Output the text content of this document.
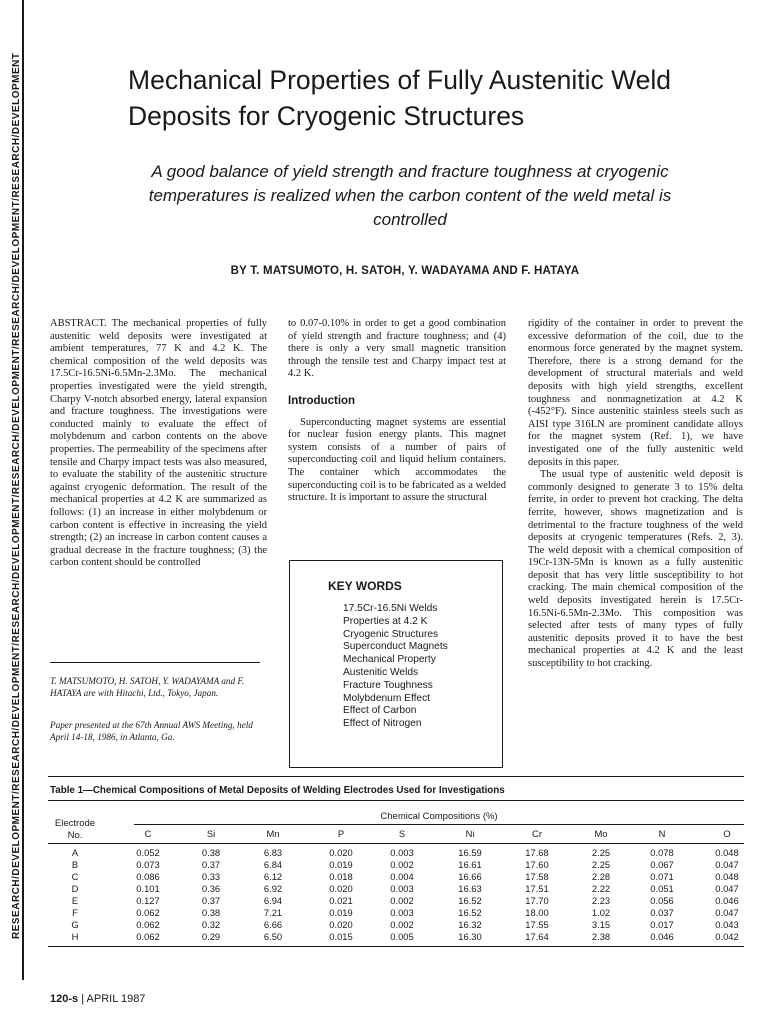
RESEARCH/DEVELOPMENT/RESEARCH/DEVELOPMENT/RESEARCH/DEVELOPMENT/RESEARCH/DEVELOPMENT/RESEARCH/DEVELOPMENT/RESEARCH/DEVELOPMENT	Mechanical Properties of Fully Austenitic Weld Deposits for Cryogenic Structures

A good balance of yield strength and fracture toughness at cryogenic temperatures is realized when the carbon content of the weld metal is controlled

BY T. MATSUMOTO, H. SATOH, Y. WADAYAMA AND F. HATAYA

ABSTRACT. The mechanical properties of fully austenitic weld deposits were investigated at ambient temperatures, 77 K and 4.2 K. The chemical composition of the weld deposits was 17.5Cr-16.5Ni-6.5Mn-2.3Mo. The mechanical properties investigated were the yield strength, Charpy V-notch absorbed energy, lateral expansion and fracture toughness. The investigations were conducted mainly to evaluate the effect of molybdenum and carbon contents on the above properties. The permeability of the specimens after tensile and Charpy impact tests was also measured, to evaluate the stability of the austenitic structure against cryogenic deformation. The result of the mechanical properties at 4.2 K are summarized as follows: (1) an increase in either molybdenum or carbon content is effective in increasing the yield strength; (2) an increase in carbon content causes a gradual decrease in the fracture toughness; (3) the carbon content should be controlled

T. MATSUMOTO, H. SATOH, Y. WADAYAMA and F. HATAYA are with Hitachi, Ltd., Tokyo, Japan.
Paper presented at the 67th Annual AWS Meeting, held April 14-18, 1986, in Atlanta, Ga.

to 0.07-0.10% in order to get a good combination of yield strength and fracture toughness; and (4) there is only a very small magnetic transition through the tensile test and Charpy impact test at 4.2 K.

Introduction

Superconducting magnet systems are essential for nuclear fusion energy plants. This magnet system consists of a number of pairs of superconducting coil and liquid helium containers. The container which accommodates the superconducting coil is to be fabricated as a welded structure. It is important to assure the structural

KEY WORDS
17.5Cr-16.5Ni Welds
Properties at 4.2 K
Cryogenic Structures
Superconduct Magnets
Mechanical Property
Austenitic Welds
Fracture Toughness
Molybdenum Effect
Effect of Carbon
Effect of Nitrogen

rigidity of the container in order to prevent the excessive deformation of the coil, due to the enormous force generated by the magnet system. Therefore, there is a strong demand for the development of structural materials and weld deposits with high yield strengths, excellent toughness and nonmagnetization at 4.2 K (-452°F). Since austenitic stainless steels such as AISI type 316LN are prominent candidate alloys for the magnet system (Ref. 1), we have investigated one of the fully austenitic weld deposits in this paper.

The usual type of austenitic weld deposit is commonly designed to generate 3 to 15% delta ferrite, in order to prevent hot cracking. The delta ferrite, however, shows magnetization and is detrimental to the fracture toughness of the weld deposits at cryogenic temperatures (Refs. 2, 3). The weld deposit with a chemical composition of 19Cr-13N-5Mn is known as a fully austenitic deposit that has very little susceptibility to hot cracking. The main chemical composition of the weld deposits investigated herein is 17.5Cr-16.5Ni-6.5Mn-2.3Mo. This composition was selected after tests of many types of fully austenitic deposits proved it to have the best mechanical properties at 4.2 K and the least susceptibility to hot cracking.

Table 1—Chemical Compositions of Metal Deposits of Welding Electrodes Used for Investigations
Electrode
No.
Chemical Compositions (%)
C	Si	Mn	P	S	Ni	Cr	Mo	N	O
A	0.052	0.38	6.83	0.020	0.003	16.59	17.68	2.25	0.078	0.048
B	0.073	0.37	6.84	0.019	0.002	16.61	17.60	2.25	0.067	0.047
C	0.086	0.33	6.12	0.018	0.004	16.66	17.58	2.28	0.071	0.048
D	0.101	0.36	6.92	0.020	0.003	16.63	17.51	2.22	0.051	0.047
E	0.127	0.37	6.94	0.021	0.002	16.52	17.70	2.23	0.056	0.046
F	0.062	0.38	7.21	0.019	0.003	16.52	18.00	1.02	0.037	0.047
G	0.062	0.32	6.66	0.020	0.002	16.32	17.55	3.15	0.017	0.043
H	0.062	0.29	6.50	0.015	0.005	16.30	17.64	2.38	0.046	0.042
120-s | APRIL 1987
